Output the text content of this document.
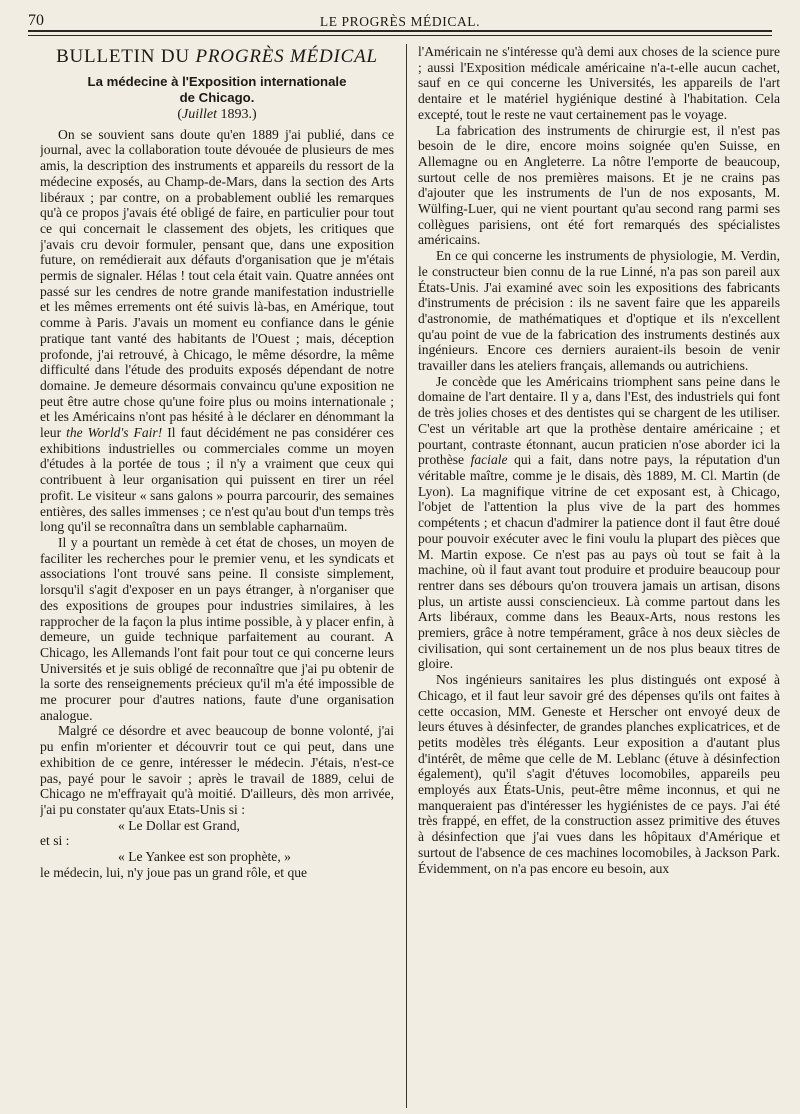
70	LE PROGRÈS MÉDICAL.
BULLETIN DU PROGRÈS MÉDICAL
La médecine à l'Exposition internationale
de Chicago.
(Juillet 1893.)

On se souvient sans doute qu'en 1889 j'ai publié, dans ce journal, avec la collaboration toute dévouée de plusieurs de mes amis, la description des instruments et appareils du ressort de la médecine exposés, au Champ-de-Mars, dans la section des Arts libéraux ; par contre, on a probablement oublié les remarques qu'à ce propos j'avais été obligé de faire, en particulier pour tout ce qui concernait le classement des objets, les critiques que j'avais cru devoir formuler, pensant que, dans une exposition future, on remédierait aux défauts d'organisation que je m'étais permis de signaler. Hélas ! tout cela était vain. Quatre années ont passé sur les cendres de notre grande manifestation industrielle et les mêmes errements ont été suivis là-bas, en Amérique, tout comme à Paris. J'avais un moment eu confiance dans le génie pratique tant vanté des habitants de l'Ouest ; mais, déception profonde, j'ai retrouvé, à Chicago, le même désordre, la même difficulté dans l'étude des produits exposés dépendant de notre domaine. Je demeure désormais convaincu qu'une exposition ne peut être autre chose qu'une foire plus ou moins internationale ; et les Américains n'ont pas hésité à le déclarer en dénommant la leur the World's Fair! Il faut décidément ne pas considérer ces exhibitions industrielles ou commerciales comme un moyen d'études à la portée de tous ; il n'y a vraiment que ceux qui contribuent à leur organisation qui puissent en tirer un réel profit. Le visiteur « sans galons » pourra parcourir, des semaines entières, des salles immenses ; ce n'est qu'au bout d'un temps très long qu'il se reconnaîtra dans un semblable capharnaüm.

Il y a pourtant un remède à cet état de choses, un moyen de faciliter les recherches pour le premier venu, et les syndicats et associations l'ont trouvé sans peine. Il consiste simplement, lorsqu'il s'agit d'exposer en un pays étranger, à n'organiser que des expositions de groupes pour industries similaires, à les rapprocher de la façon la plus intime possible, à y placer enfin, à demeure, un guide technique parfaitement au courant. A Chicago, les Allemands l'ont fait pour tout ce qui concerne leurs Universités et je suis obligé de reconnaître que j'ai pu obtenir de la sorte des renseignements précieux qu'il m'a été impossible de me procurer pour d'autres nations, faute d'une organisation analogue.

Malgré ce désordre et avec beaucoup de bonne volonté, j'ai pu enfin m'orienter et découvrir tout ce qui peut, dans une exhibition de ce genre, intéresser le médecin. J'étais, n'est-ce pas, payé pour le savoir ; après le travail de 1889, celui de Chicago ne m'effrayait qu'à moitié. D'ailleurs, dès mon arrivée, j'ai pu constater qu'aux Etats-Unis si :

« Le Dollar est Grand,

et si :

« Le Yankee est son prophète, »

le médecin, lui, n'y joue pas un grand rôle, et que

l'Américain ne s'intéresse qu'à demi aux choses de la science pure ; aussi l'Exposition médicale américaine n'a-t-elle aucun cachet, sauf en ce qui concerne les Universités, les appareils de l'art dentaire et le matériel hygiénique destiné à l'habitation. Cela excepté, tout le reste ne vaut certainement pas le voyage.

La fabrication des instruments de chirurgie est, il n'est pas besoin de le dire, encore moins soignée qu'en Suisse, en Allemagne ou en Angleterre. La nôtre l'emporte de beaucoup, surtout celle de nos premières maisons. Et je ne crains pas d'ajouter que les instruments de l'un de nos exposants, M. Wülfing-Luer, qui ne vient pourtant qu'au second rang parmi ses collègues parisiens, ont été fort remarqués des spécialistes américains.

En ce qui concerne les instruments de physiologie, M. Verdin, le constructeur bien connu de la rue Linné, n'a pas son pareil aux États-Unis. J'ai examiné avec soin les expositions des fabricants d'instruments de précision : ils ne savent faire que les appareils d'astronomie, de mathématiques et d'optique et ils n'excellent qu'au point de vue de la fabrication des instruments destinés aux ingénieurs. Encore ces derniers auraient-ils besoin de venir travailler dans les ateliers français, allemands ou autrichiens.

Je concède que les Américains triomphent sans peine dans le domaine de l'art dentaire. Il y a, dans l'Est, des industriels qui font de très jolies choses et des dentistes qui se chargent de les utiliser. C'est un véritable art que la prothèse dentaire américaine ; et pourtant, contraste étonnant, aucun praticien n'ose aborder ici la prothèse faciale qui a fait, dans notre pays, la réputation d'un véritable maître, comme je le disais, dès 1889, M. Cl. Martin (de Lyon). La magnifique vitrine de cet exposant est, à Chicago, l'objet de l'attention la plus vive de la part des hommes compétents ; et chacun d'admirer la patience dont il faut être doué pour pouvoir exécuter avec le fini voulu la plupart des pièces que M. Martin expose. Ce n'est pas au pays où tout se fait à la machine, où il faut avant tout produire et produire beaucoup pour rentrer dans ses débours qu'on trouvera jamais un artisan, disons plus, un artiste aussi consciencieux. Là comme partout dans les Arts libéraux, comme dans les Beaux-Arts, nous restons les premiers, grâce à notre tempérament, grâce à nos deux siècles de civilisation, qui sont certainement un de nos plus beaux titres de gloire.

Nos ingénieurs sanitaires les plus distingués ont exposé à Chicago, et il faut leur savoir gré des dépenses qu'ils ont faites à cette occasion, MM. Geneste et Herscher ont envoyé deux de leurs étuves à désinfecter, de grandes planches explicatrices, et de petits modèles très élégants. Leur exposition a d'autant plus d'intérêt, de même que celle de M. Leblanc (étuve à désinfection également), qu'il s'agit d'étuves locomobiles, appareils peu employés aux États-Unis, peut-être même inconnus, et qui ne manqueraient pas d'intéresser les hygiénistes de ce pays. J'ai été très frappé, en effet, de la construction assez primitive des étuves à désinfection que j'ai vues dans les hôpitaux d'Amérique et surtout de l'absence de ces machines locomobiles, à Jackson Park. Évidemment, on n'a pas encore eu besoin, aux
